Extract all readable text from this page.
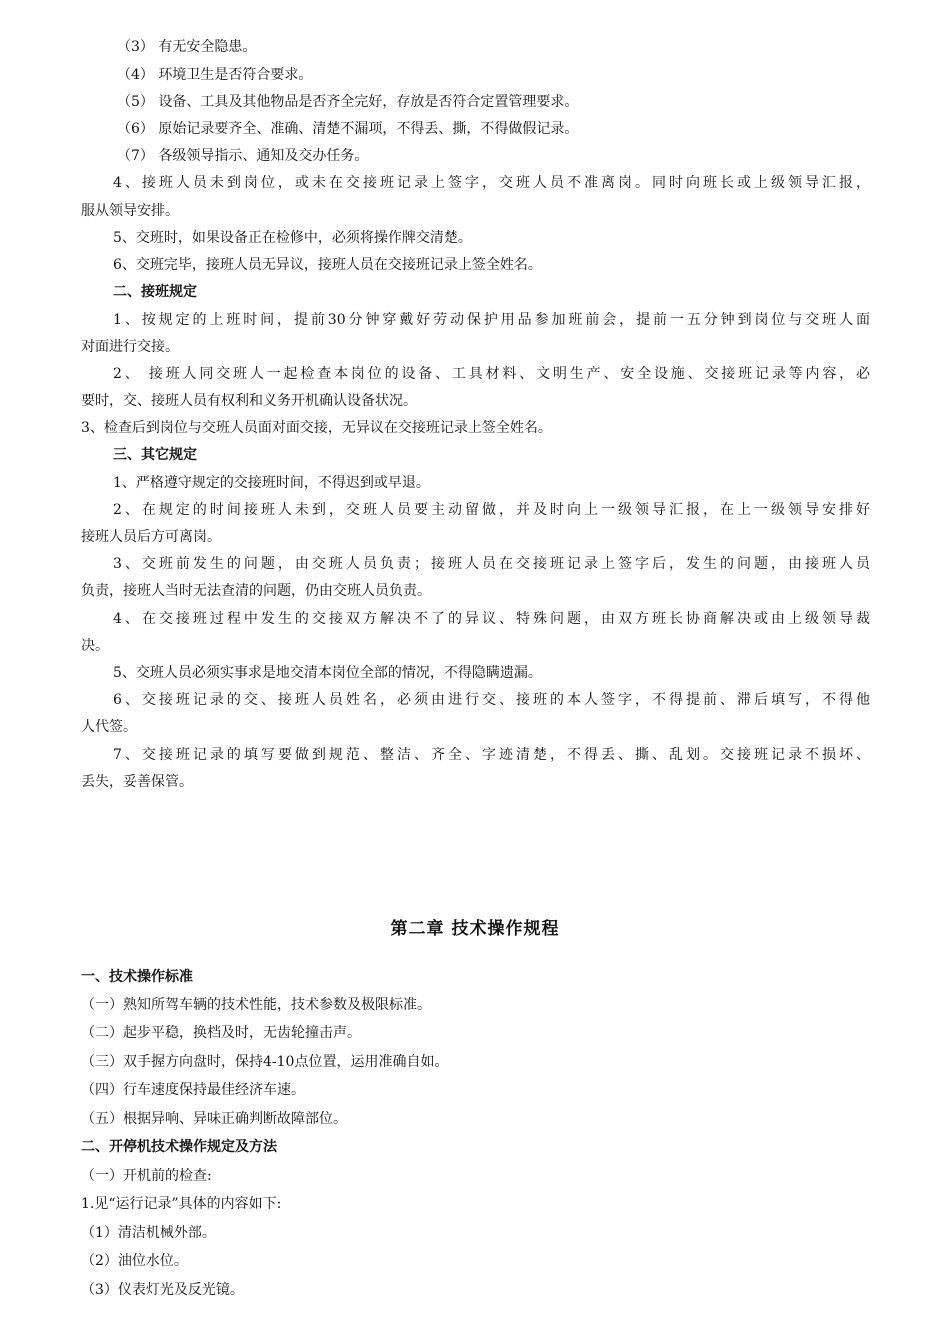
（3） 有无安全隐患。
（4） 环境卫生是否符合要求。
（5） 设备、工具及其他物品是否齐全完好，存放是否符合定置管理要求。
（6） 原始记录要齐全、准确、清楚不漏项，不得丢、撕，不得做假记录。
（7） 各级领导指示、通知及交办任务。
4、接班人员未到岗位，或未在交接班记录上签字，交班人员不准离岗。同时向班长或上级领导汇报，
服从领导安排。
5、交班时，如果设备正在检修中，必须将操作牌交清楚。
6、交班完毕，接班人员无异议，接班人员在交接班记录上签全姓名。
二、接班规定
1、按规定的上班时间，提前30分钟穿戴好劳动保护用品参加班前会，提前一五分钟到岗位与交班人面
对面进行交接。
2、 接班人同交班人一起检查本岗位的设备、工具材料、文明生产、安全设施、交接班记录等内容，必
要时，交、接班人员有权利和义务开机确认设备状况。
3、检查后到岗位与交班人员面对面交接，无异议在交接班记录上签全姓名。
三、其它规定
1、严格遵守规定的交接班时间，不得迟到或早退。
2、在规定的时间接班人未到，交班人员要主动留做，并及时向上一级领导汇报，在上一级领导安排好
接班人员后方可离岗。
3、交班前发生的问题，由交班人员负责；接班人员在交接班记录上签字后，发生的问题，由接班人员
负责，接班人当时无法查清的问题，仍由交班人员负责。
4、在交接班过程中发生的交接双方解决不了的异议、特殊问题，由双方班长协商解决或由上级领导裁
决。
5、交班人员必须实事求是地交清本岗位全部的情况，不得隐瞒遗漏。
6、交接班记录的交、接班人员姓名，必须由进行交、接班的本人签字，不得提前、滞后填写，不得他
人代签。
7、交接班记录的填写要做到规范、整洁、齐全、字迹清楚，不得丢、撕、乱划。交接班记录不损坏、
丢失，妥善保管。
第二章 技术操作规程
一、技术操作标准
（一）熟知所驾车辆的技术性能，技术参数及极限标准。
（二）起步平稳，换档及时，无齿轮撞击声。
（三）双手握方向盘时，保持4-10点位置，运用准确自如。
（四）行车速度保持最佳经济车速。
（五）根据异响、异味正确判断故障部位。
二、开停机技术操作规定及方法
（一）开机前的检查:
1.见“运行记录”具体的内容如下:
（1）清洁机械外部。
（2）油位水位。
（3）仪表灯光及反光镜。
